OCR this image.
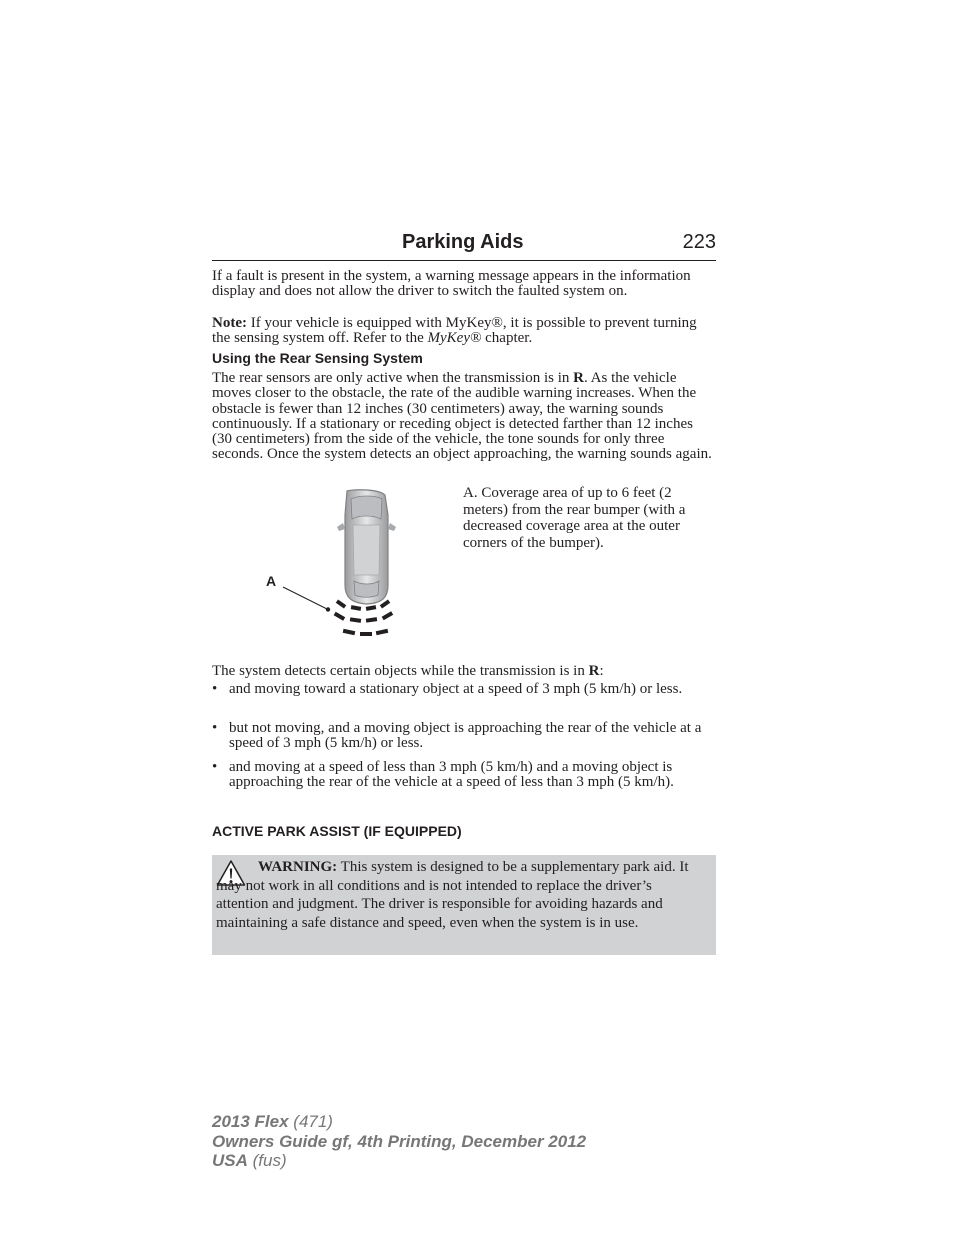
Parking Aids	223
If a fault is present in the system, a warning message appears in the information display and does not allow the driver to switch the faulted system on.
Note: If your vehicle is equipped with MyKey®, it is possible to prevent turning the sensing system off. Refer to the MyKey® chapter.
Using the Rear Sensing System
The rear sensors are only active when the transmission is in R. As the vehicle moves closer to the obstacle, the rate of the audible warning increases. When the obstacle is fewer than 12 inches (30 centimeters) away, the warning sounds continuously. If a stationary or receding object is detected farther than 12 inches (30 centimeters) from the side of the vehicle, the tone sounds for only three seconds. Once the system detects an object approaching, the warning sounds again.
A
A. Coverage area of up to 6 feet (2 meters) from the rear bumper (with a decreased coverage area at the outer corners of the bumper).
The system detects certain objects while the transmission is in R:
• and moving toward a stationary object at a speed of 3 mph (5 km/h) or less.
• but not moving, and a moving object is approaching the rear of the vehicle at a speed of 3 mph (5 km/h) or less.
• and moving at a speed of less than 3 mph (5 km/h) and a moving object is approaching the rear of the vehicle at a speed of less than 3 mph (5 km/h).
ACTIVE PARK ASSIST (IF EQUIPPED)
WARNING: This system is designed to be a supplementary park aid. It may not work in all conditions and is not intended to replace the driver’s attention and judgment. The driver is responsible for avoiding hazards and maintaining a safe distance and speed, even when the system is in use.
2013 Flex (471)
Owners Guide gf, 4th Printing, December 2012
USA (fus)
